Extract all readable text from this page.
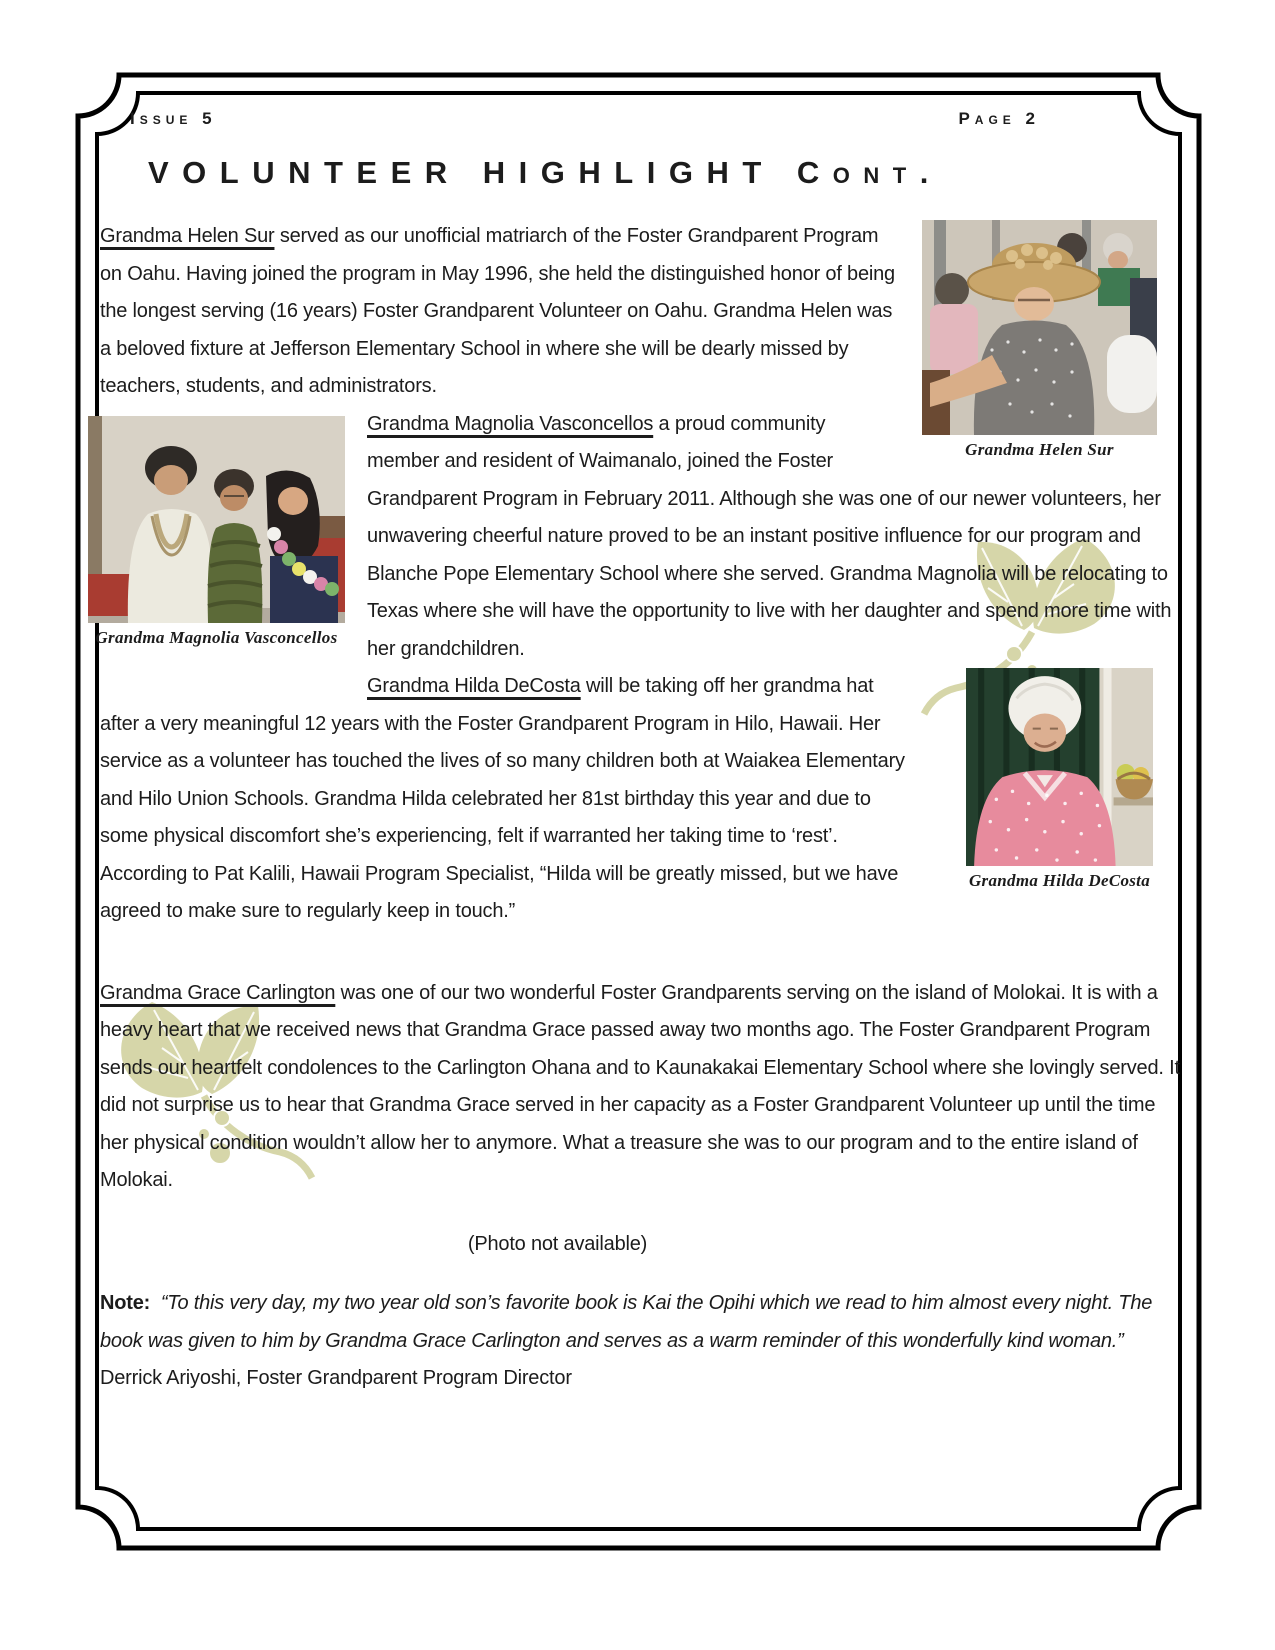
Issue 5	Page 2
VOLUNTEER HIGHLIGHT Cont.
Grandma Helen Sur

Grandma Helen Sur served as our unofficial matriarch of the Foster Grandparent Program on Oahu. Having joined the program in May 1996, she held the distinguished honor of being the longest serving (16 years) Foster Grandparent Volunteer on Oahu. Grandma Helen was a beloved fixture at Jefferson Elementary School in where she will be dearly missed by teachers, students, and administrators.

Grandma Magnolia Vasconcellos

Grandma Magnolia Vasconcellos a proud community member and resident of Waimanalo, joined the Foster Grandparent Program in February 2011. Although she was one of our newer volunteers, her unwavering cheerful nature proved to be an instant positive influence for our program and Blanche Pope Elementary School where she served. Grandma Magnolia will be relocating to Texas where she will have the opportunity to live with her daughter and spend more time with her grandchildren.

Grandma Hilda DeCosta

Grandma Hilda DeCosta will be taking off her grandma hat after a very meaningful 12 years with the Foster Grandparent Program in Hilo, Hawaii. Her service as a volunteer has touched the lives of so many children both at Waiakea Elementary and Hilo Union Schools. Grandma Hilda celebrated her 81st birthday this year and due to some physical discomfort she’s experiencing, felt if warranted her taking time to ‘rest’. According to Pat Kalili, Hawaii Program Specialist, “Hilda will be greatly missed, but we have agreed to make sure to regularly keep in touch.”

Grandma Grace Carlington was one of our two wonderful Foster Grandparents serving on the island of Molokai. It is with a heavy heart that we received news that Grandma Grace passed away two months ago. The Foster Grandparent Program sends our heartfelt condolences to the Carlington Ohana and to Kaunakakai Elementary School where she lovingly served. It did not surprise us to hear that Grandma Grace served in her capacity as a Foster Grandparent Volunteer up until the time her physical condition wouldn’t allow her to anymore. What a treasure she was to our program and to the entire island of Molokai.

(Photo not available)

Note: “To this very day, my two year old son’s favorite book is Kai the Opihi which we read to him almost every night. The book was given to him by Grandma Grace Carlington and serves as a warm reminder of this wonderfully kind woman.”  Derrick Ariyoshi, Foster Grandparent Program Director
